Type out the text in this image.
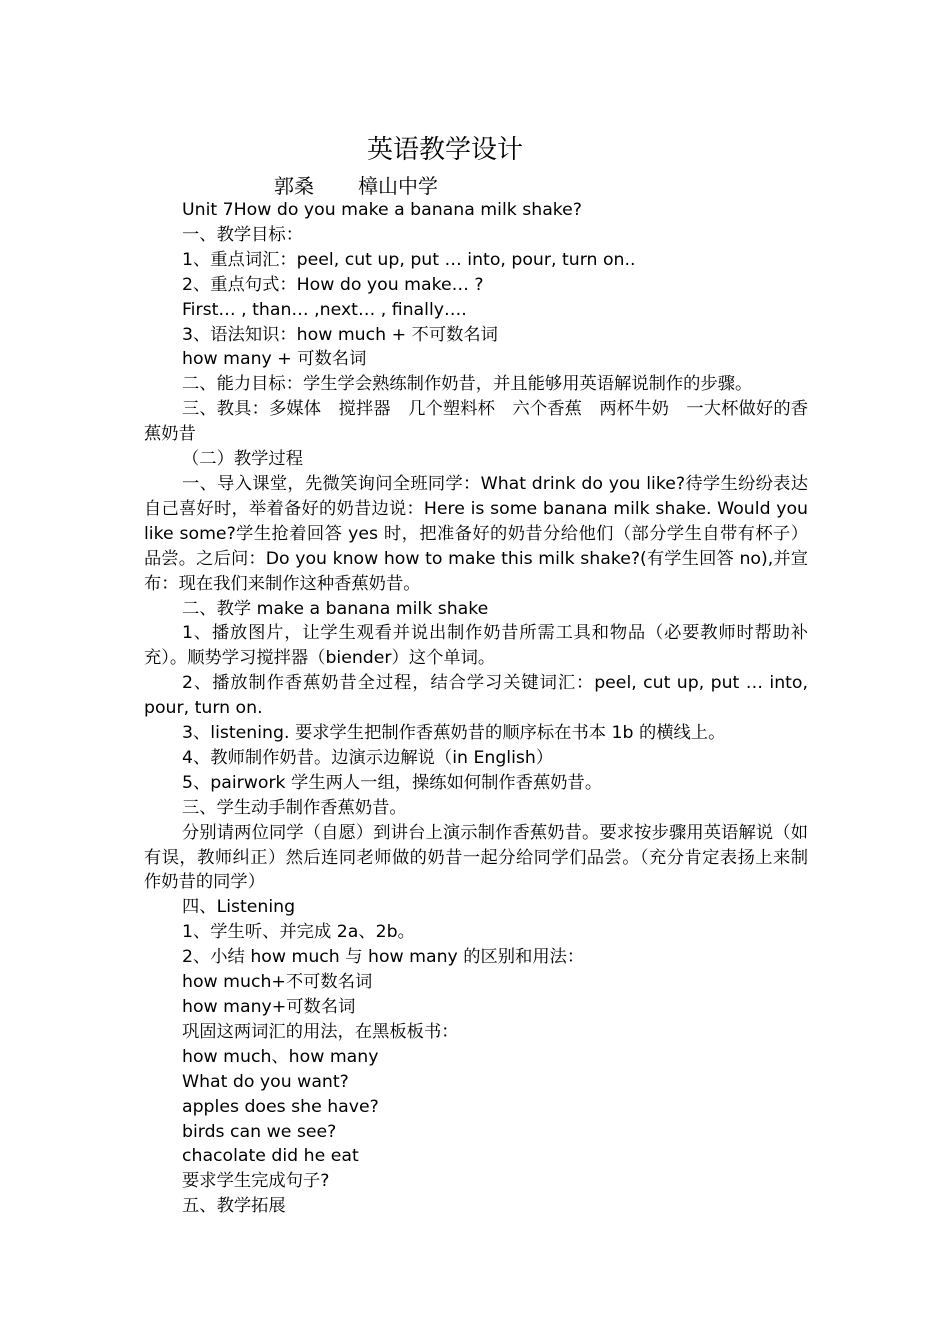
英语教学设计
郭桑 樟山中学

Unit 7How do you make a banana milk shake?

一、教学目标：

1、重点词汇：peel, cut up, put … into, pour, turn on..

2、重点句式：How do you make… ?

First… , than… ,next… , finally….

3、语法知识：how much + 不可数名词

how many + 可数名词

二、能力目标：学生学会熟练制作奶昔，并且能够用英语解说制作的步骤。

三、教具：多媒体　搅拌器　几个塑料杯　六个香蕉　两杯牛奶　一大杯做好的香蕉奶昔

（二）教学过程

一、导入课堂，先微笑询问全班同学：What drink do you like?待学生纷纷表达自己喜好时，举着备好的奶昔边说：Here is some banana milk shake. Would you like some?学生抢着回答 yes 时，把准备好的奶昔分给他们（部分学生自带有杯子）品尝。之后问：Do you know how to make this milk shake?(有学生回答 no),并宣布：现在我们来制作这种香蕉奶昔。

二、教学 make a banana milk shake

1、播放图片，让学生观看并说出制作奶昔所需工具和物品（必要教师时帮助补充）。顺势学习搅拌器（biender）这个单词。

2、播放制作香蕉奶昔全过程，结合学习关键词汇：peel, cut up, put … into, pour, turn on.

3、listening. 要求学生把制作香蕉奶昔的顺序标在书本 1b 的横线上。

4、教师制作奶昔。边演示边解说（in English）

5、pairwork 学生两人一组，操练如何制作香蕉奶昔。

三、学生动手制作香蕉奶昔。

分别请两位同学（自愿）到讲台上演示制作香蕉奶昔。要求按步骤用英语解说（如有误，教师纠正）然后连同老师做的奶昔一起分给同学们品尝。（充分肯定表扬上来制作奶昔的同学）

四、Listening

1、学生听、并完成 2a、2b。

2、小结 how much 与 how many 的区别和用法：

how much+不可数名词

how many+可数名词

巩固这两词汇的用法，在黑板板书：

how much、how many

What do you want?

apples does she have?

birds can we see?

chacolate did he eat

要求学生完成句子?

五、教学拓展
